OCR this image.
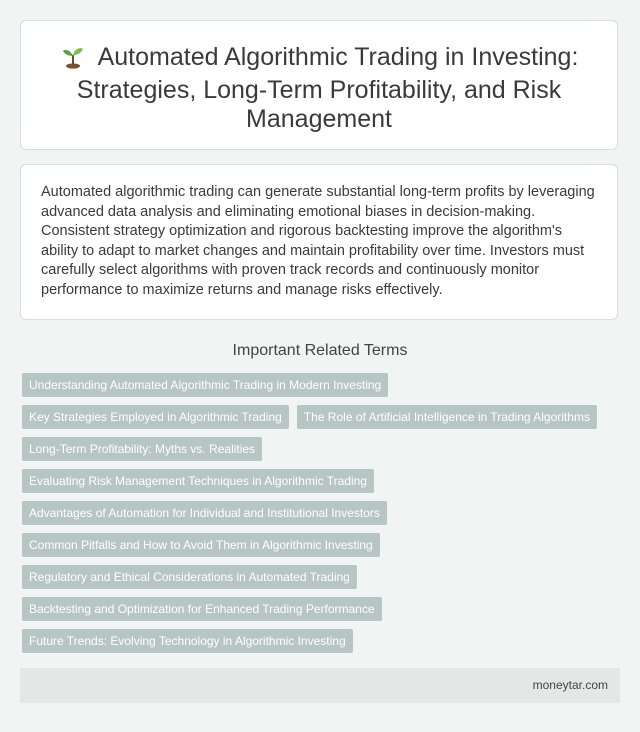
Automated Algorithmic Trading in Investing: Strategies, Long-Term Profitability, and Risk Management

Automated algorithmic trading can generate substantial long-term profits by leveraging advanced data analysis and eliminating emotional biases in decision-making. Consistent strategy optimization and rigorous backtesting improve the algorithm's ability to adapt to market changes and maintain profitability over time. Investors must carefully select algorithms with proven track records and continuously monitor performance to maximize returns and manage risks effectively.

Important Related Terms
Understanding Automated Algorithmic Trading in Modern Investing
Key Strategies Employed in Algorithmic Trading	The Role of Artificial Intelligence in Trading Algorithms
Long-Term Profitability: Myths vs. Realities
Evaluating Risk Management Techniques in Algorithmic Trading
Advantages of Automation for Individual and Institutional Investors
Common Pitfalls and How to Avoid Them in Algorithmic Investing
Regulatory and Ethical Considerations in Automated Trading
Backtesting and Optimization for Enhanced Trading Performance
Future Trends: Evolving Technology in Algorithmic Investing
moneytar.com
